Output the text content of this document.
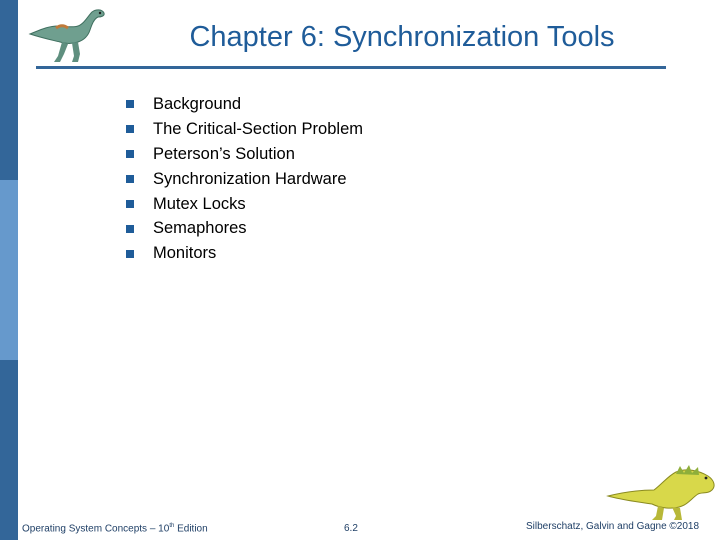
Chapter 6: Synchronization Tools
Background
The Critical-Section Problem
Peterson’s Solution
Synchronization Hardware
Mutex Locks
Semaphores
Monitors
Operating System Concepts – 10th Edition	6.2	Silberschatz, Galvin and Gagne ©2018
